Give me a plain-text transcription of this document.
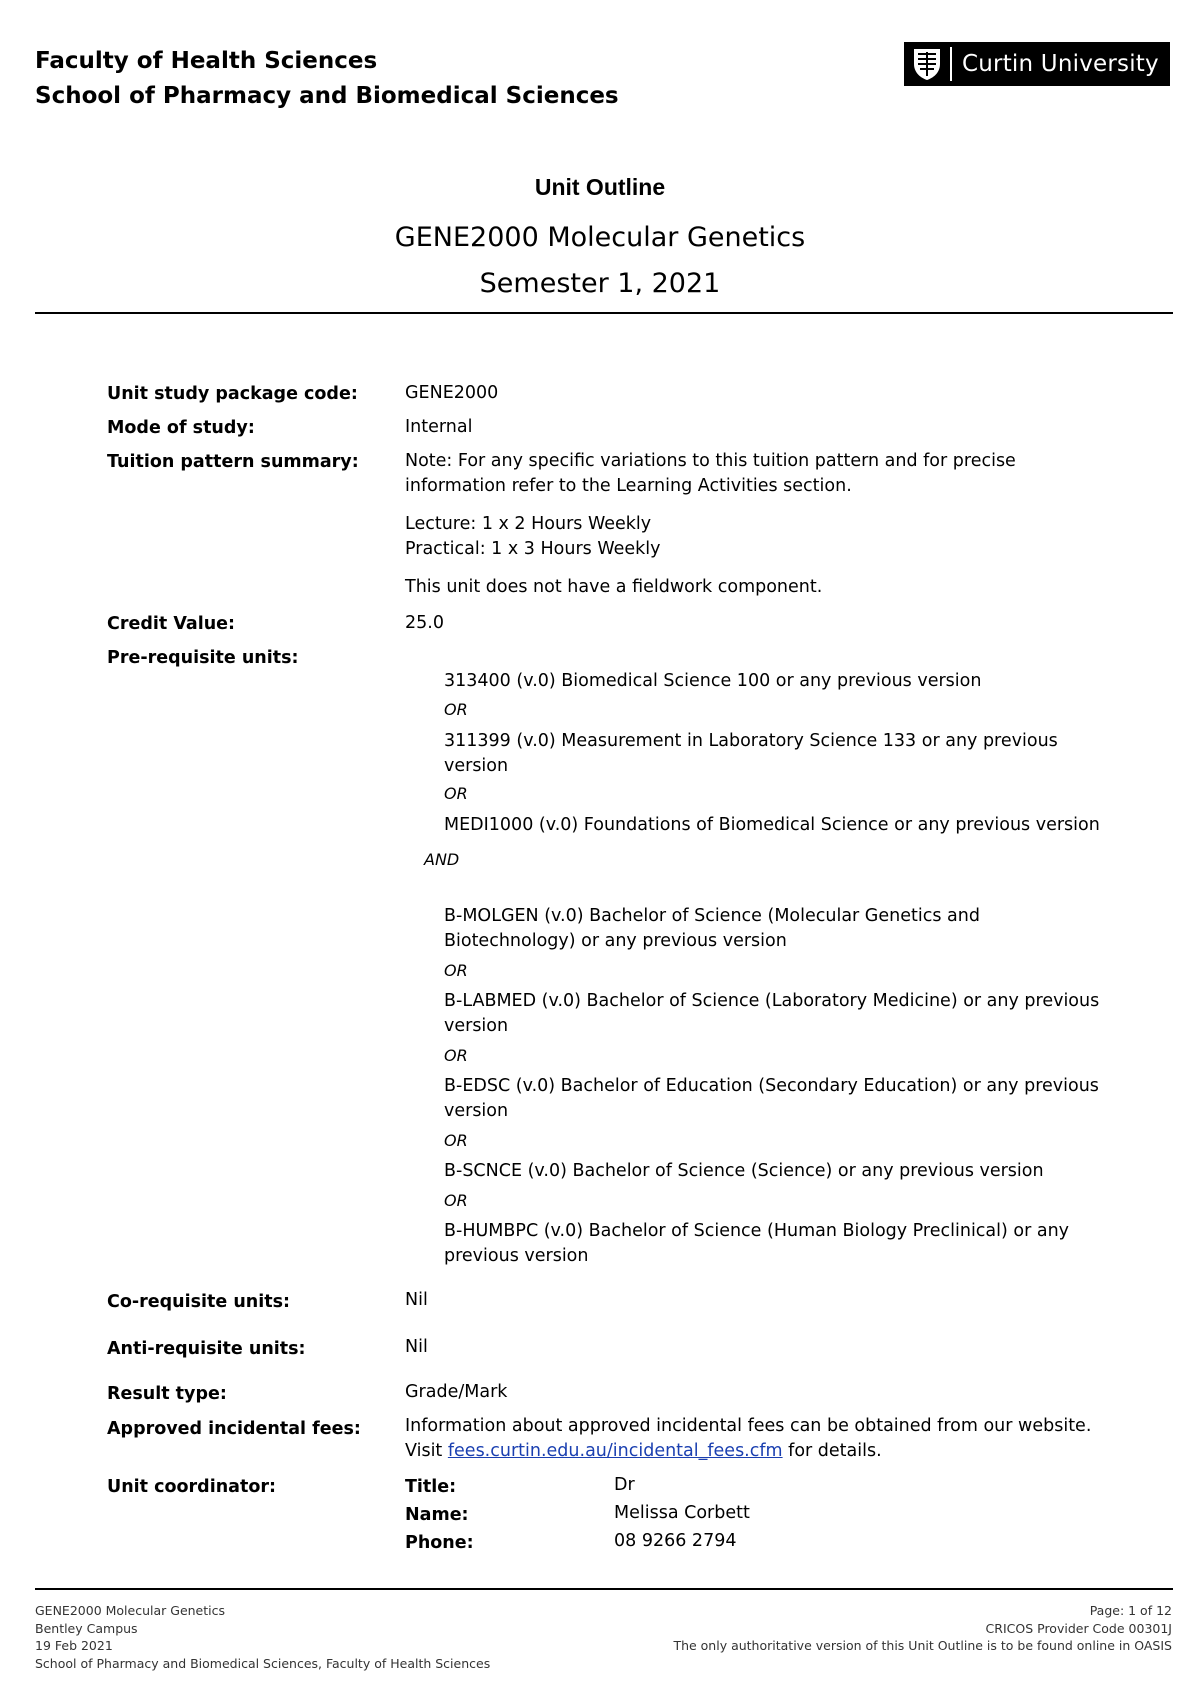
Faculty of Health Sciences
School of Pharmacy and Biomedical Sciences
Curtin University
Unit Outline
GENE2000 Molecular Genetics
Semester 1, 2021
Unit study package code:	GENE2000
Mode of study:	Internal
Tuition pattern summary:	Note: For any specific variations to this tuition pattern and for precise information refer to the Learning Activities section.
Lecture: 1 x 2 Hours Weekly
Practical: 1 x 3 Hours Weekly
This unit does not have a fieldwork component.
Credit Value:	25.0
Pre-requisite units:
313400 (v.0) Biomedical Science 100 or any previous version
OR
311399 (v.0) Measurement in Laboratory Science 133 or any previous version
OR
MEDI1000 (v.0) Foundations of Biomedical Science or any previous version
AND
B-MOLGEN (v.0) Bachelor of Science (Molecular Genetics and Biotechnology) or any previous version
OR
B-LABMED (v.0) Bachelor of Science (Laboratory Medicine) or any previous version
OR
B-EDSC (v.0) Bachelor of Education (Secondary Education) or any previous version
OR
B-SCNCE (v.0) Bachelor of Science (Science) or any previous version
OR
B-HUMBPC (v.0) Bachelor of Science (Human Biology Preclinical) or any previous version
Co-requisite units:	Nil
Anti-requisite units:	Nil
Result type:	Grade/Mark
Approved incidental fees:	Information about approved incidental fees can be obtained from our website.
Visit fees.curtin.edu.au/incidental_fees.cfm for details.
Unit coordinator:	Title:	Dr
Name:	Melissa Corbett
Phone:	08 9266 2794
GENE2000 Molecular Genetics
Bentley Campus
19 Feb 2021
School of Pharmacy and Biomedical Sciences, Faculty of Health Sciences
Page: 1 of 12
CRICOS Provider Code 00301J
The only authoritative version of this Unit Outline is to be found online in OASIS
